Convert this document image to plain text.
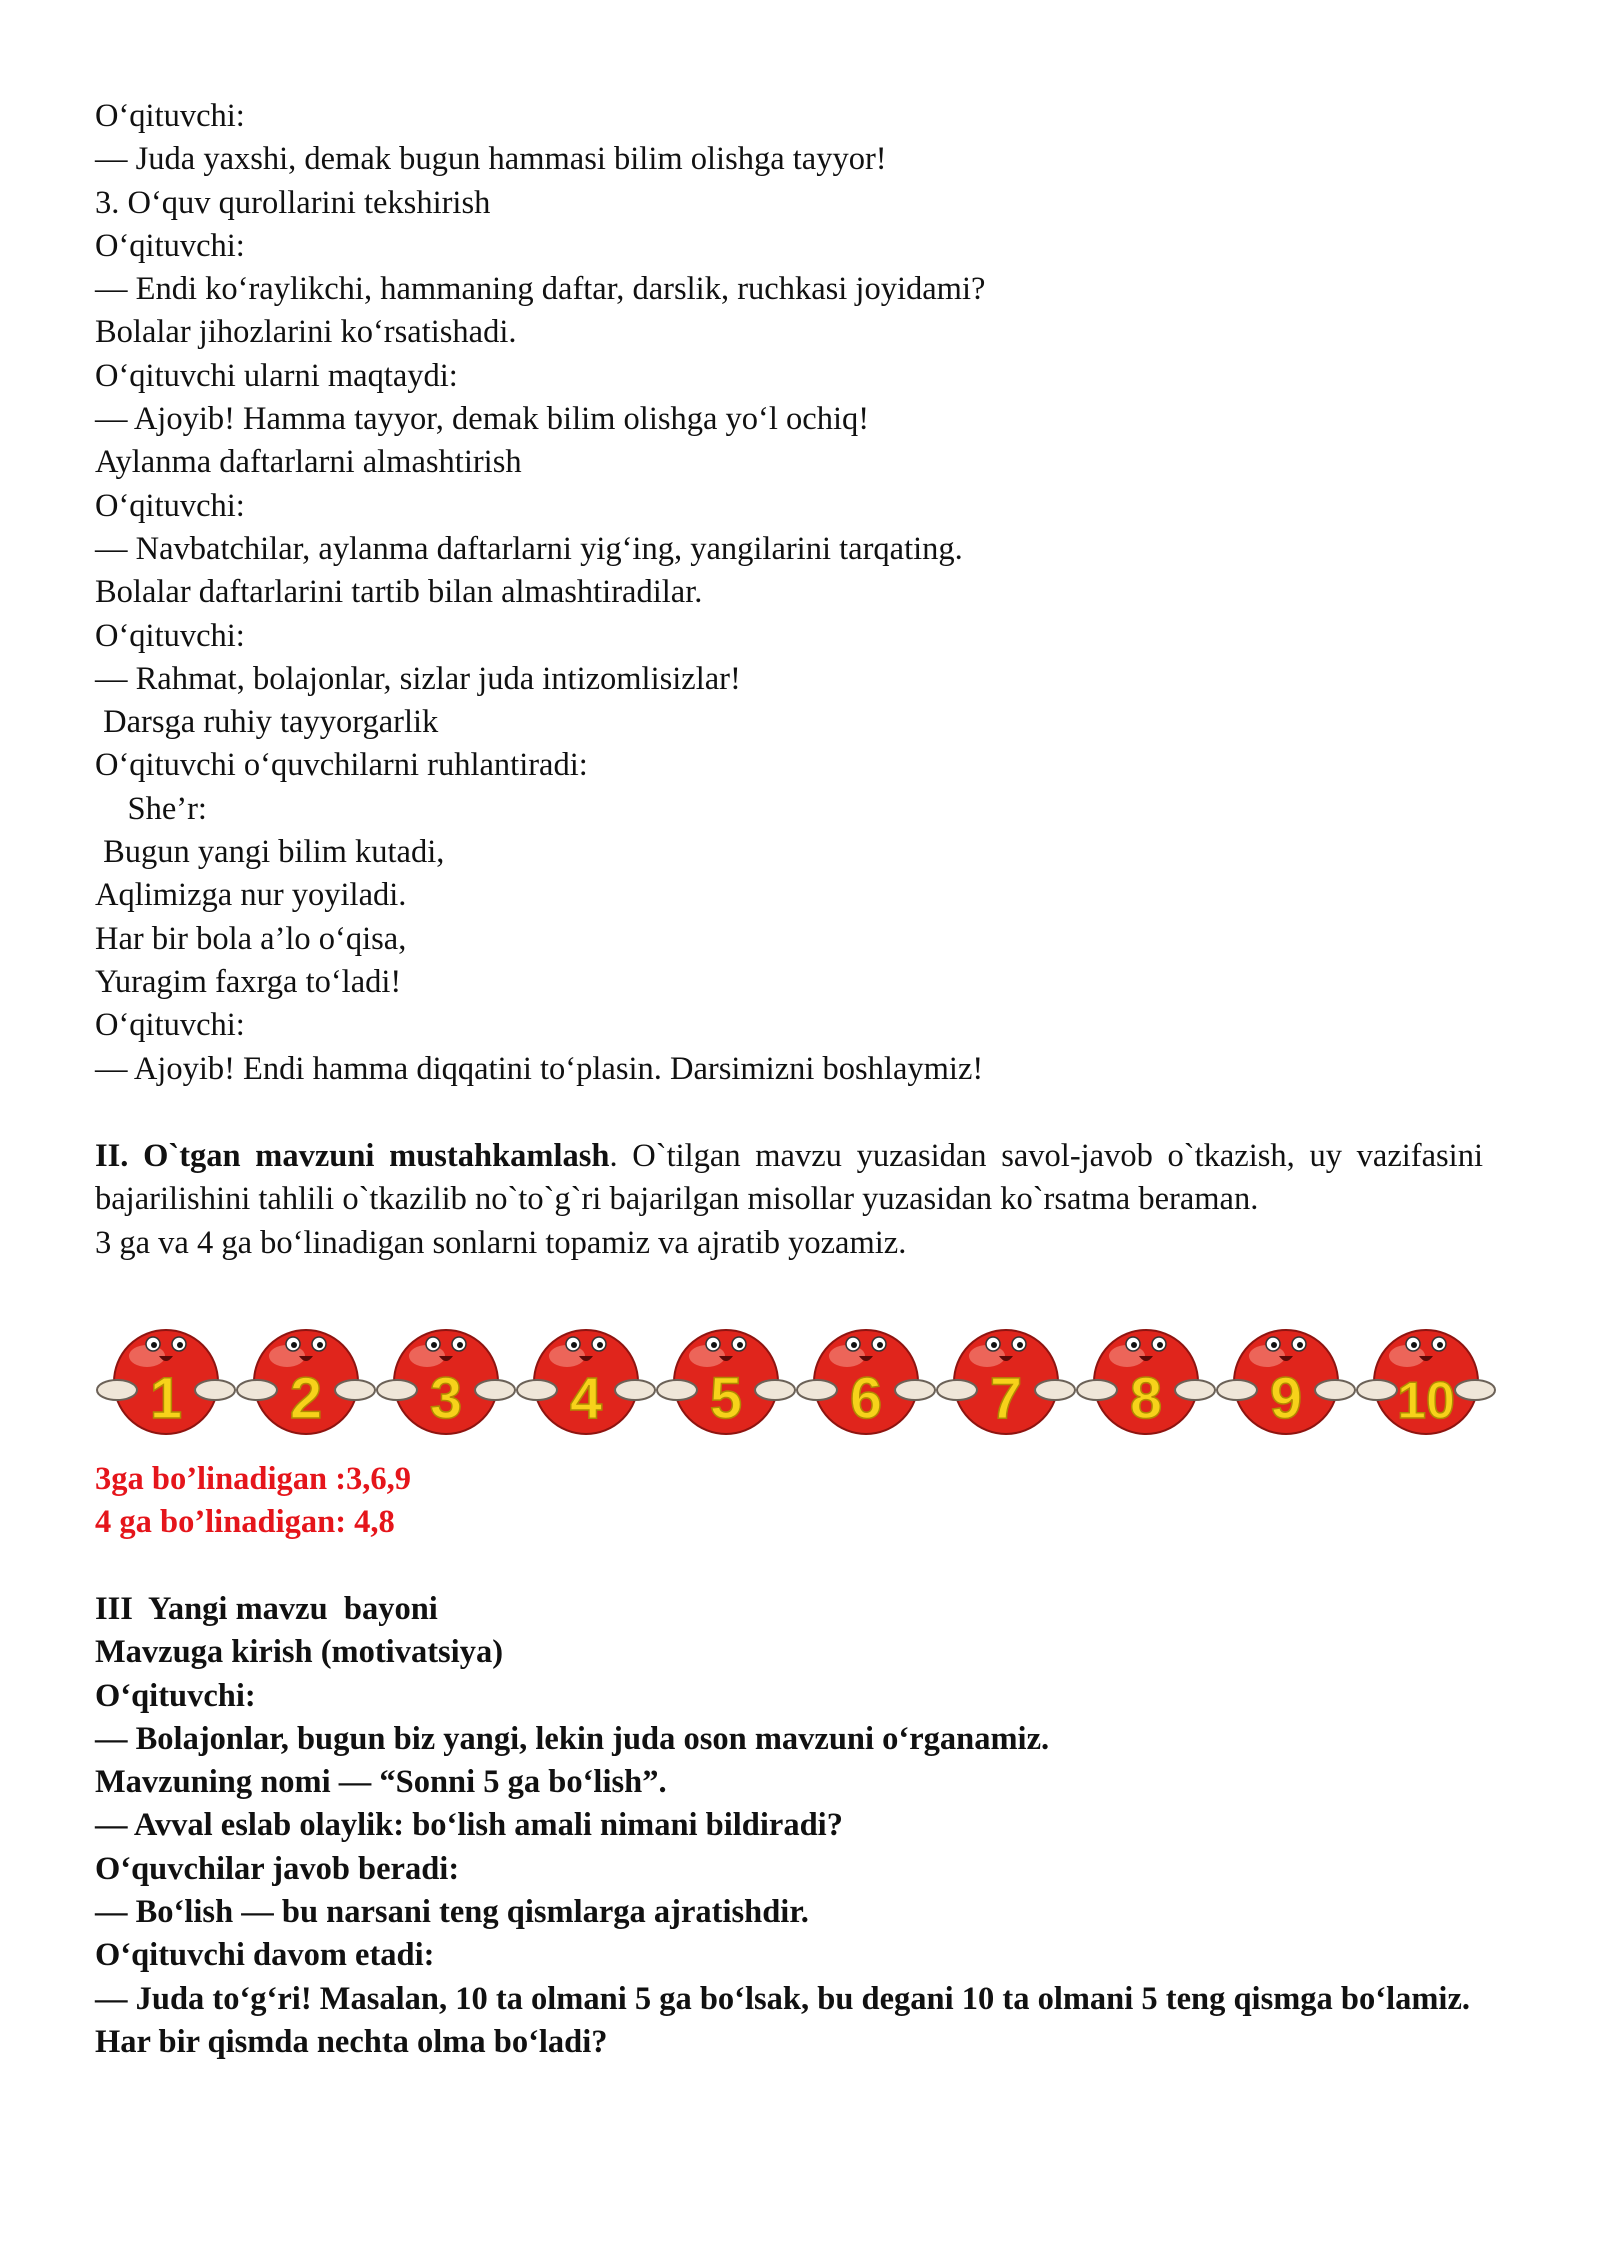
O‘qituvchi:
— Juda yaxshi, demak bugun hammasi bilim olishga tayyor!
3. O‘quv qurollarini tekshirish
O‘qituvchi:
— Endi ko‘raylikchi, hammaning daftar, darslik, ruchkasi joyidami?
Bolalar jihozlarini ko‘rsatishadi.
O‘qituvchi ularni maqtaydi:
— Ajoyib! Hamma tayyor, demak bilim olishga yo‘l ochiq!
Aylanma daftarlarni almashtirish
O‘qituvchi:
— Navbatchilar, aylanma daftarlarni yig‘ing, yangilarini tarqating.
Bolalar daftarlarini tartib bilan almashtiradilar.
O‘qituvchi:
— Rahmat, bolajonlar, sizlar juda intizomlisizlar!
Darsga ruhiy tayyorgarlik
O‘qituvchi o‘quvchilarni ruhlantiradi:
She’r:
Bugun yangi bilim kutadi,
Aqlimizga nur yoyiladi.
Har bir bola a’lo o‘qisa,
Yuragim faxrga to‘ladi!
O‘qituvchi:
— Ajoyib! Endi hamma diqqatini to‘plasin. Darsimizni boshlaymiz!
II. O`tgan mavzuni mustahkamlash. O`tilgan mavzu yuzasidan savol-javob o`tkazish, uy vazifasini bajarilishini tahlili o`tkazilib no`to`g`ri bajarilgan misollar yuzasidan ko`rsatma beraman.
3 ga va 4 ga bo‘linadigan sonlarni topamiz va ajratib yozamiz.
1 2 3 4 5 6 7 8 9 10
3ga bo’linadigan :3,6,9
4 ga bo’linadigan: 4,8
III  Yangi mavzu  bayoni
Mavzuga kirish (motivatsiya)
O‘qituvchi:
— Bolajonlar, bugun biz yangi, lekin juda oson mavzuni o‘rganamiz.
Mavzuning nomi — “Sonni 5 ga bo‘lish”.
— Avval eslab olaylik: bo‘lish amali nimani bildiradi?
O‘quvchilar javob beradi:
— Bo‘lish — bu narsani teng qismlarga ajratishdir.
O‘qituvchi davom etadi:
— Juda to‘g‘ri! Masalan, 10 ta olmani 5 ga bo‘lsak, bu degani 10 ta olmani 5 teng qismga bo‘lamiz.
Har bir qismda nechta olma bo‘ladi?
